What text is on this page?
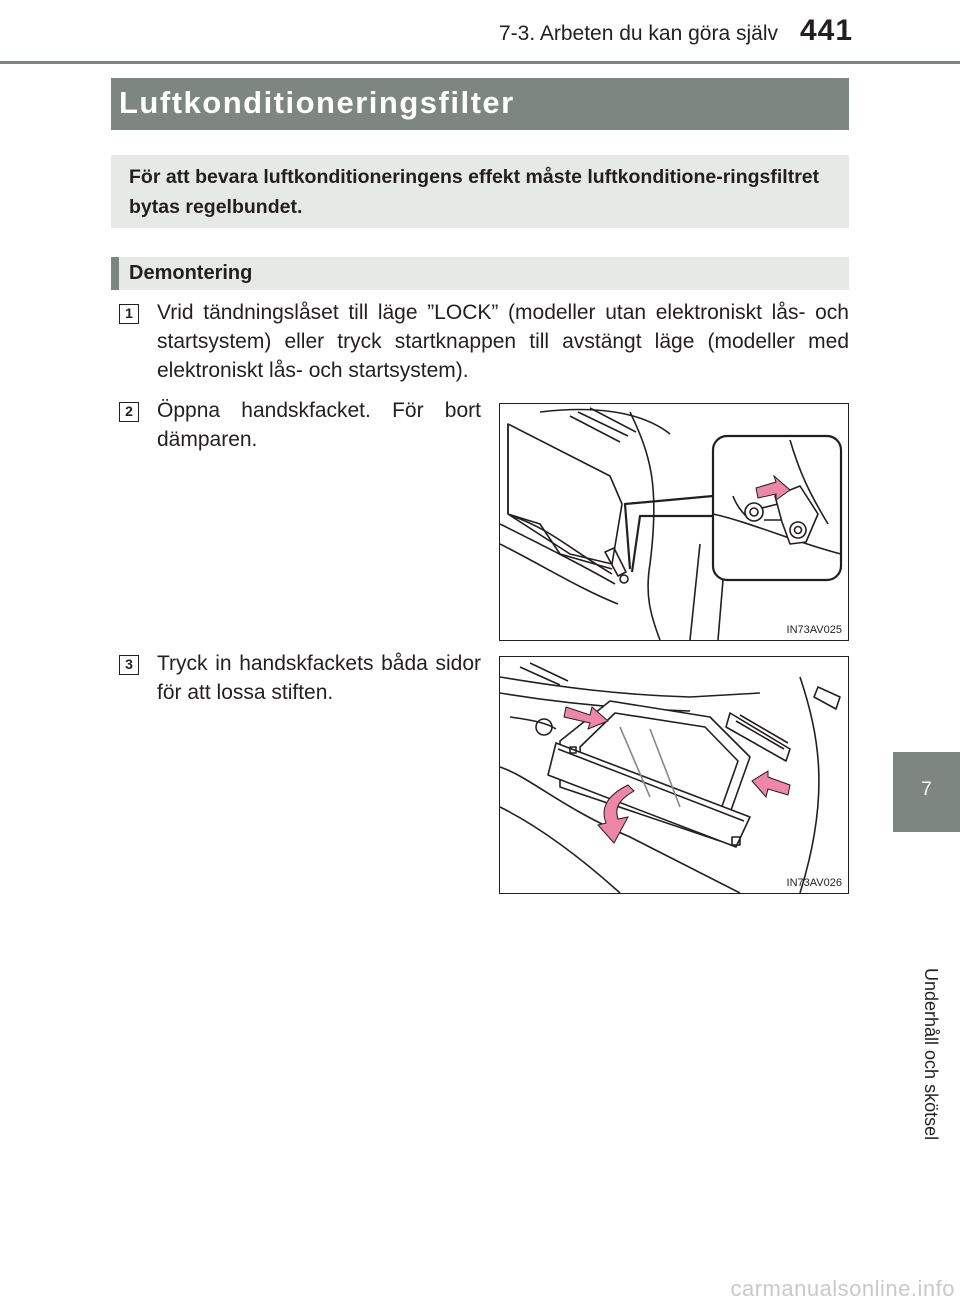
7-3. Arbeten du kan göra själv 441
Luftkonditioneringsfilter

För att bevara luftkonditioneringens effekt måste luftkonditione-ringsfiltret bytas regelbundet.

Demontering
1 Vrid tändningslåset till läge ”LOCK” (modeller utan elektroniskt lås- och startsystem) eller tryck startknappen till avstängt läge (modeller med elektroniskt lås- och startsystem).

2 Öppna handskfacket. För bort dämparen.

IN73AV025
3 Tryck in handskfackets båda sidor för att lossa stiften.

IN73AV026
7
Underhåll och skötsel
carmanualsonline.info
